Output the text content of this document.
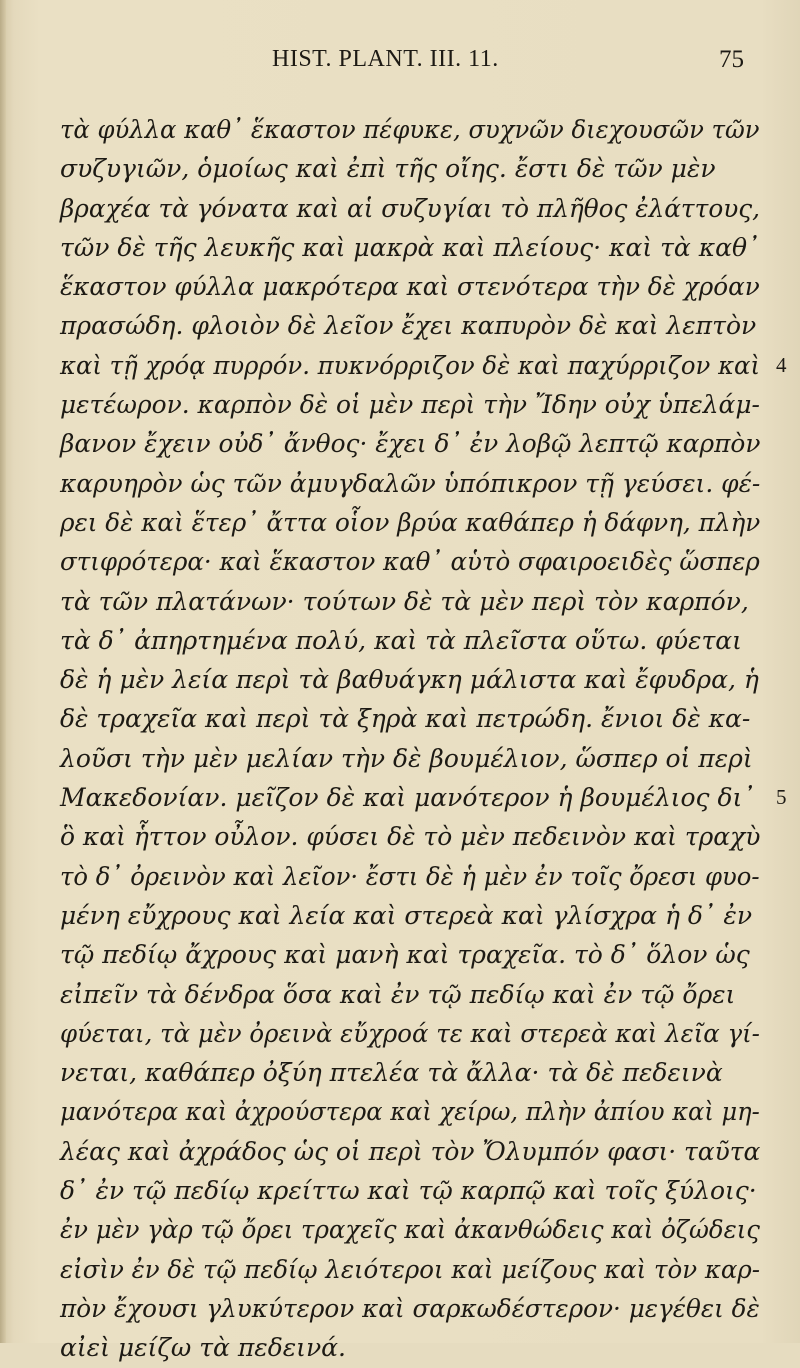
HIST. PLANT. III. 11.	75
τὰ φύλλα καθ᾽ ἕκαστον πέφυκε, συχνῶν διεχουσῶν τῶν
συζυγιῶν, ὁμοίως καὶ ἐπὶ τῆς οἴης. ἔστι δὲ τῶν μὲν
βραχέα τὰ γόνατα καὶ αἱ συζυγίαι τὸ πλῆθος ἐλάττους,
τῶν δὲ τῆς λευκῆς καὶ μακρὰ καὶ πλείους· καὶ τὰ καθ᾽
ἕκαστον φύλλα μακρότερα καὶ στενότερα τὴν δὲ χρόαν
πρασώδη. φλοιὸν δὲ λεῖον ἔχει καπυρὸν δὲ καὶ λεπτὸν
καὶ τῇ χρόᾳ πυρρόν. πυκνόρριζον δὲ καὶ παχύρριζον καὶ 4
μετέωρον. καρπὸν δὲ οἱ μὲν περὶ τὴν Ἴδην οὐχ ὑπελάμ-
βανον ἔχειν οὐδ᾽ ἄνθος· ἔχει δ᾽ ἐν λοβῷ λεπτῷ καρπὸν
καρυηρὸν ὡς τῶν ἀμυγδαλῶν ὑπόπικρον τῇ γεύσει. φέ-
ρει δὲ καὶ ἕτερ᾽ ἄττα οἷον βρύα καθάπερ ἡ δάφνη, πλὴν
στιφρότερα· καὶ ἕκαστον καθ᾽ αὑτὸ σφαιροειδὲς ὥσπερ
τὰ τῶν πλατάνων· τούτων δὲ τὰ μὲν περὶ τὸν καρπόν,
τὰ δ᾽ ἀπηρτημένα πολύ, καὶ τὰ πλεῖστα οὕτω. φύεται
δὲ ἡ μὲν λεία περὶ τὰ βαθυάγκη μάλιστα καὶ ἔφυδρα, ἡ
δὲ τραχεῖα καὶ περὶ τὰ ξηρὰ καὶ πετρώδη. ἔνιοι δὲ κα-
λοῦσι τὴν μὲν μελίαν τὴν δὲ βουμέλιον, ὥσπερ οἱ περὶ
Μακεδονίαν. μεῖζον δὲ καὶ μανότερον ἡ βουμέλιος δι᾽ 5
ὃ καὶ ἧττον οὖλον. φύσει δὲ τὸ μὲν πεδεινὸν καὶ τραχὺ
τὸ δ᾽ ὀρεινὸν καὶ λεῖον· ἔστι δὲ ἡ μὲν ἐν τοῖς ὄρεσι φυο-
μένη εὔχρους καὶ λεία καὶ στερεὰ καὶ γλίσχρα ἡ δ᾽ ἐν
τῷ πεδίῳ ἄχρους καὶ μανὴ καὶ τραχεῖα. τὸ δ᾽ ὅλον ὡς
εἰπεῖν τὰ δένδρα ὅσα καὶ ἐν τῷ πεδίῳ καὶ ἐν τῷ ὄρει
φύεται, τὰ μὲν ὀρεινὰ εὔχροά τε καὶ στερεὰ καὶ λεῖα γί-
νεται, καθάπερ ὀξύη πτελέα τὰ ἄλλα· τὰ δὲ πεδεινὰ
μανότερα καὶ ἀχρούστερα καὶ χείρω, πλὴν ἀπίου καὶ μη-
λέας καὶ ἀχράδος ὡς οἱ περὶ τὸν Ὄλυμπόν φασι· ταῦτα
δ᾽ ἐν τῷ πεδίῳ κρείττω καὶ τῷ καρπῷ καὶ τοῖς ξύλοις·
ἐν μὲν γὰρ τῷ ὄρει τραχεῖς καὶ ἀκανθώδεις καὶ ὀζώδεις
εἰσὶν ἐν δὲ τῷ πεδίῳ λειότεροι καὶ μείζους καὶ τὸν καρ-
πὸν ἔχουσι γλυκύτερον καὶ σαρκωδέστερον· μεγέθει δὲ
αἰεὶ μείζω τὰ πεδεινά.
